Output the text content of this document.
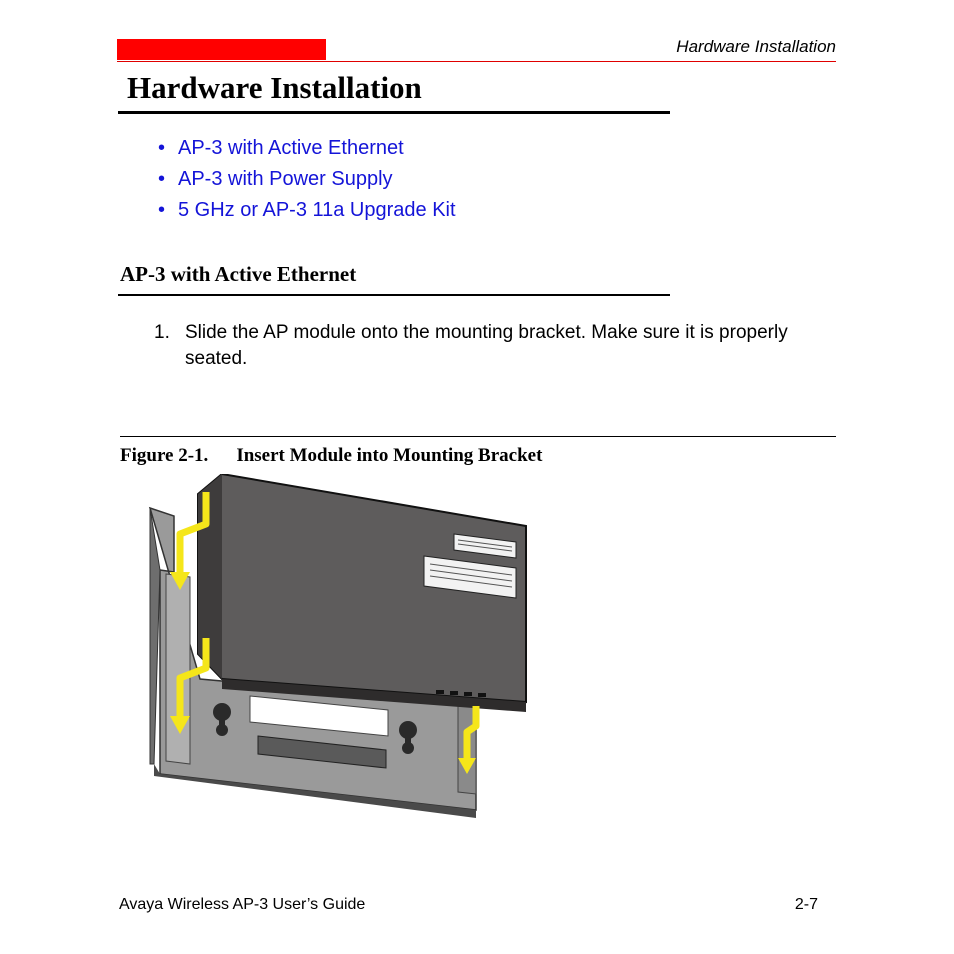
Hardware Installation
Hardware Installation
• AP-3 with Active Ethernet
• AP-3 with Power Supply
• 5 GHz or AP-3 11a Upgrade Kit
AP-3 with Active Ethernet
1. Slide the AP module onto the mounting bracket. Make sure it is properly seated.
Figure 2-1. Insert Module into Mounting Bracket
Avaya Wireless AP-3 User’s Guide	2-7
